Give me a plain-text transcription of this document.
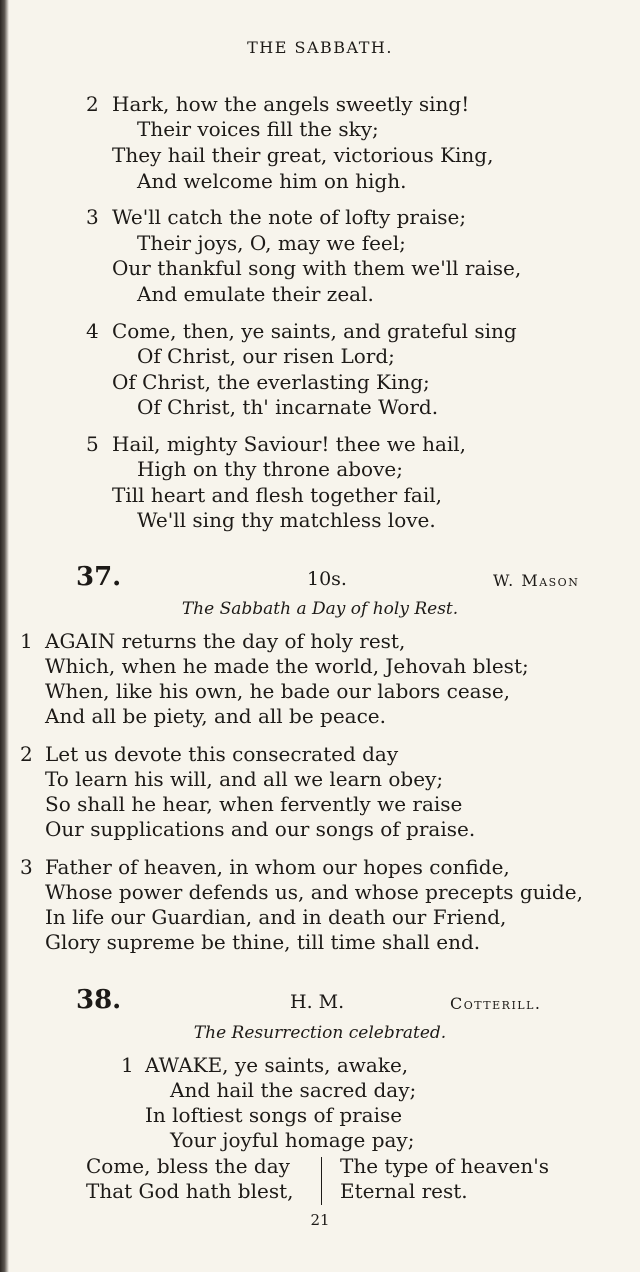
THE SABBATH.
2 Hark, how the angels sweetly sing!
Their voices fill the sky;
They hail their great, victorious King,
And welcome him on high.
3 We'll catch the note of lofty praise;
Their joys, O, may we feel;
Our thankful song with them we'll raise,
And emulate their zeal.
4 Come, then, ye saints, and grateful sing
Of Christ, our risen Lord;
Of Christ, the everlasting King;
Of Christ, th' incarnate Word.
5 Hail, mighty Saviour! thee we hail,
High on thy throne above;
Till heart and flesh together fail,
We'll sing thy matchless love.
37.	10s.	W. Mason
The Sabbath a Day of holy Rest.
1 AGAIN returns the day of holy rest,
Which, when he made the world, Jehovah blest;
When, like his own, he bade our labors cease,
And all be piety, and all be peace.
2 Let us devote this consecrated day
To learn his will, and all we learn obey;
So shall he hear, when fervently we raise
Our supplications and our songs of praise.
3 Father of heaven, in whom our hopes confide,
Whose power defends us, and whose precepts guide,
In life our Guardian, and in death our Friend,
Glory supreme be thine, till time shall end.
38.	H. M.	Cotterill.
The Resurrection celebrated.
1 AWAKE, ye saints, awake,
And hail the sacred day;
In loftiest songs of praise
Your joyful homage pay;
Come, bless the day
That God hath blest,
The type of heaven's
Eternal rest.
21
